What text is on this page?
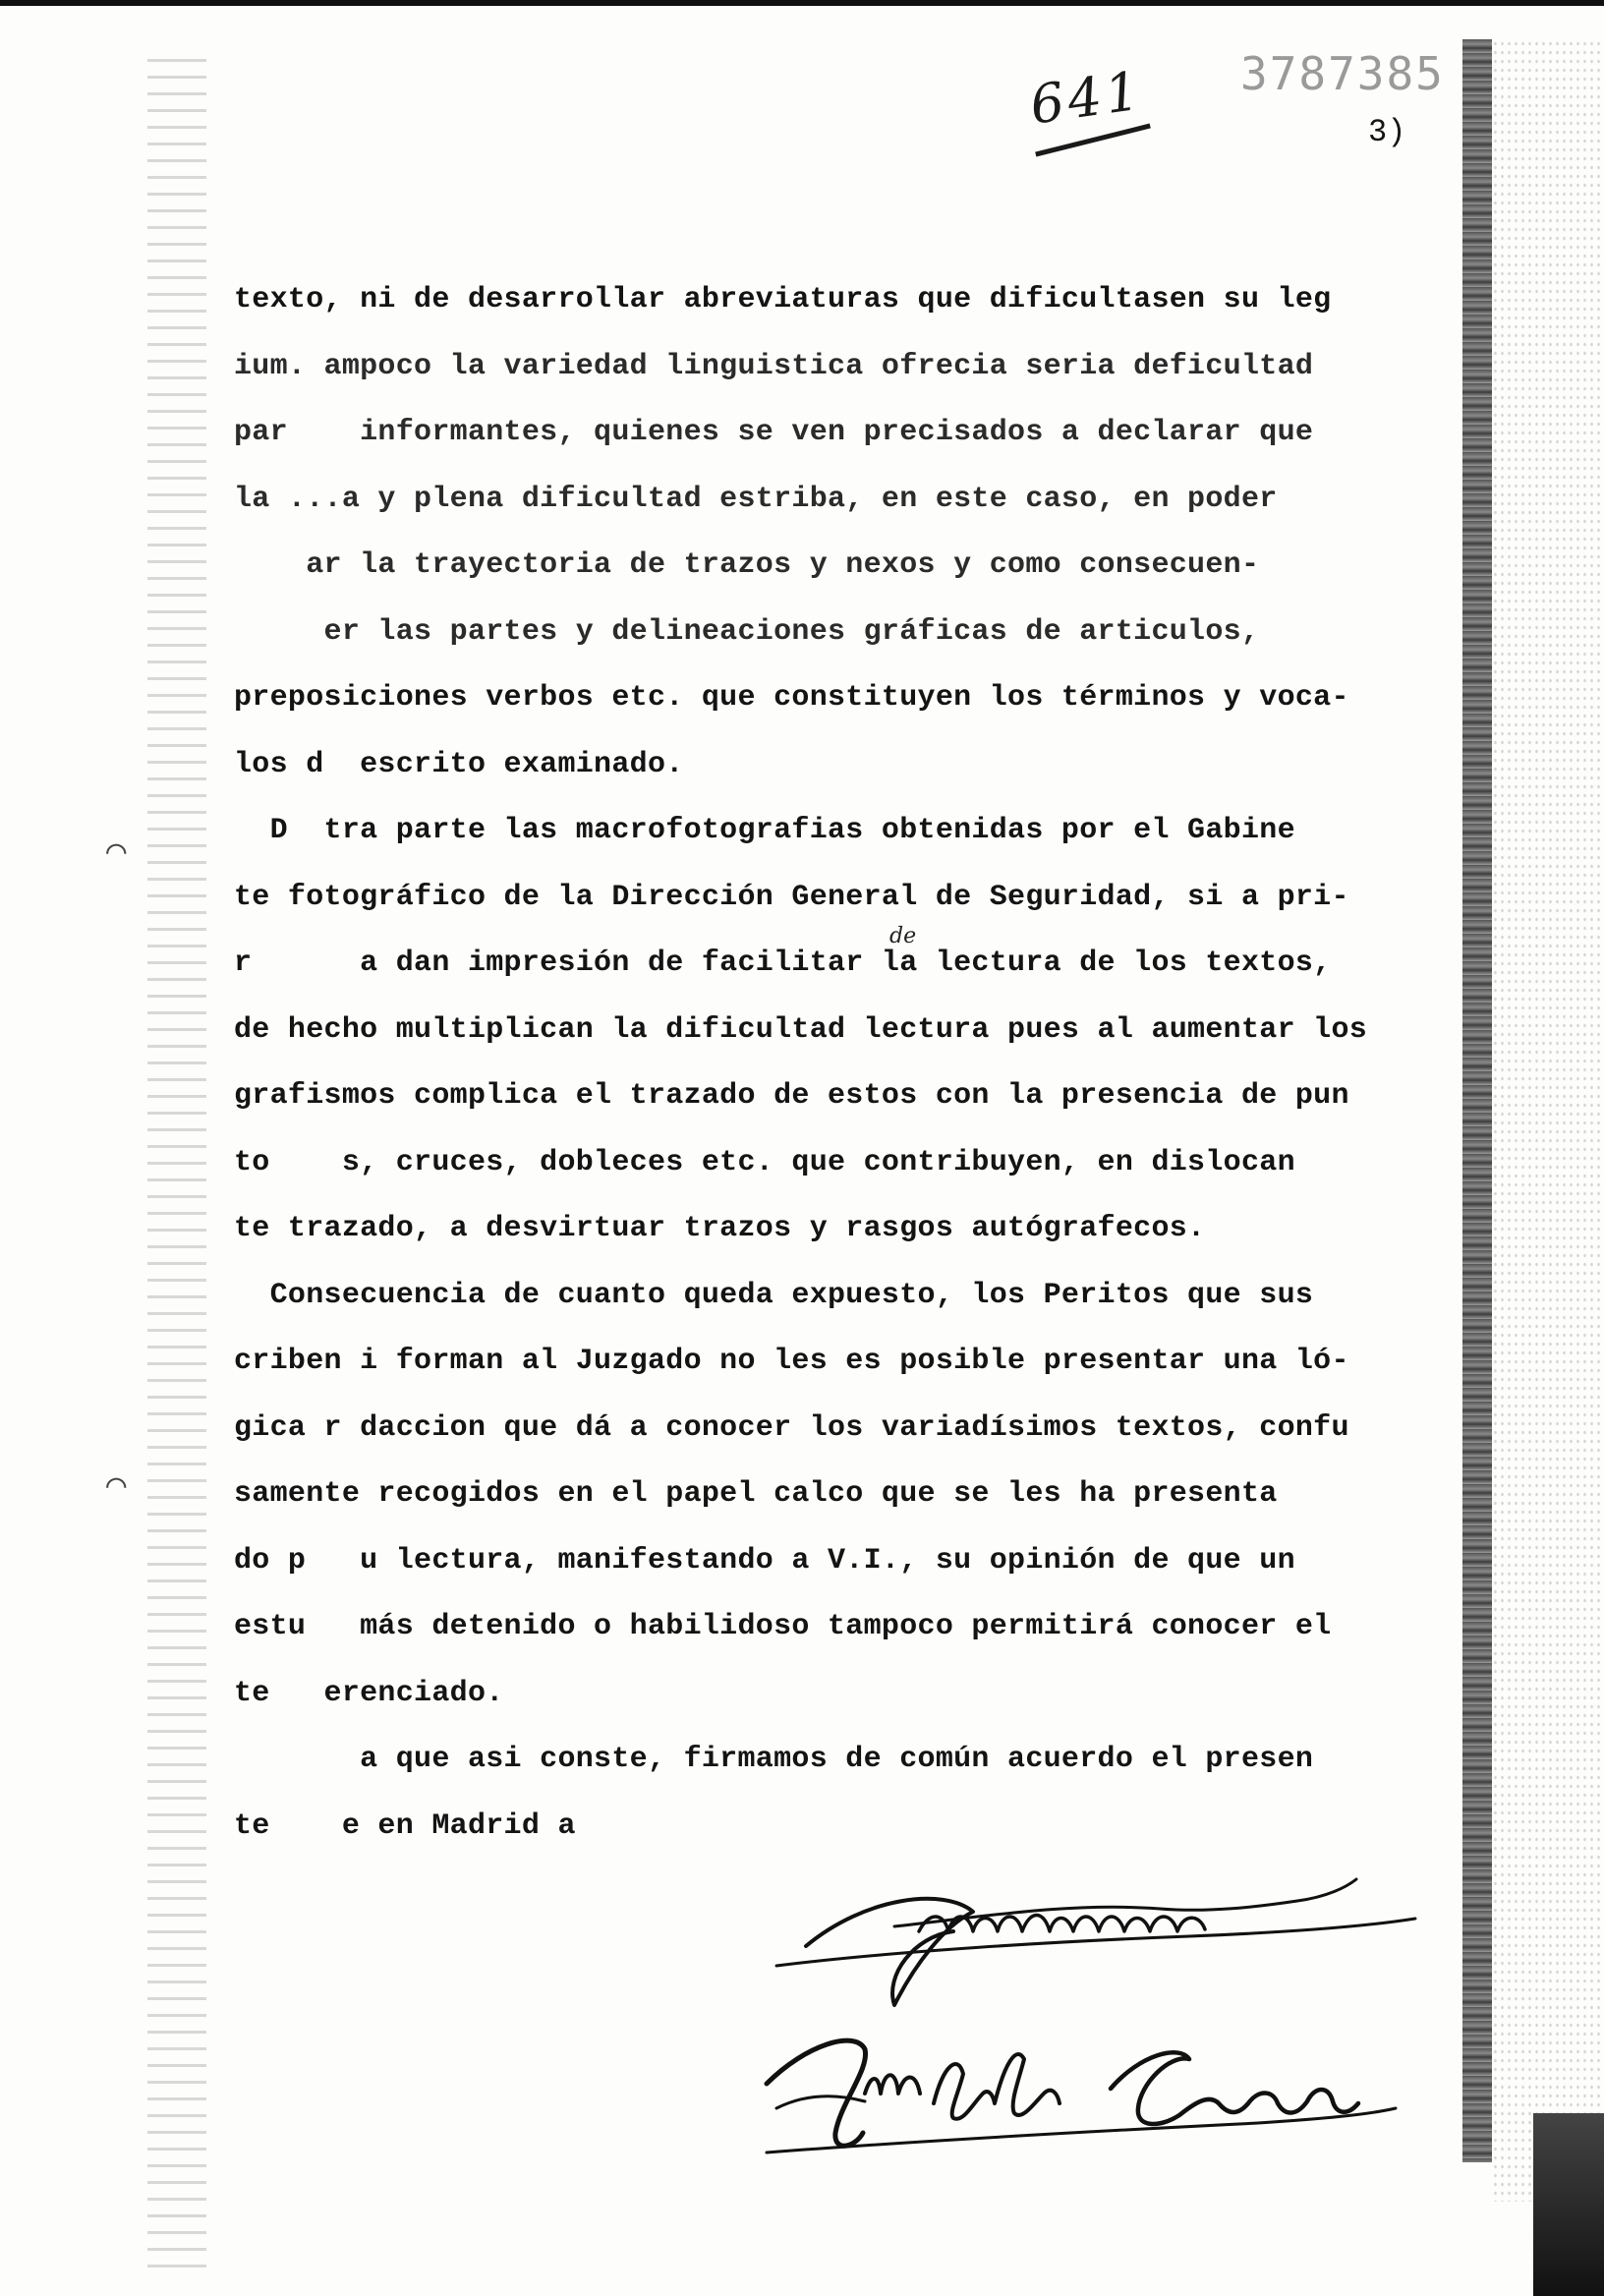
641 3787385
3)
texto, ni de desarrollar abreviaturas que dificultasen su leg
ium. ampoco la variedad linguistica ofrecia seria deficultad
par    informantes, quienes se ven precisados a declarar que
la ...a y plena dificultad estriba, en este caso, en poder
ar la trayectoria de trazos y nexos y como consecuen-
er las partes y delineaciones gráficas de articulos,
preposiciones verbos etc. que constituyen los términos y voca-
los d  escrito examinado.
D  tra parte las macrofotografias obtenidas por el Gabine
te fotográfico de la Dirección General de Seguridad, si a pri-
r      a dan impresión de facilitar la lectura de los textos,
de hecho multiplican la dificultad lectura pues al aumentar los
grafismos complica el trazado de estos con la presencia de pun
to    s, cruces, dobleces etc. que contribuyen, en dislocan
te trazado, a desvirtuar trazos y rasgos autógrafecos.
Consecuencia de cuanto queda expuesto, los Peritos que sus
criben i forman al Juzgado no les es posible presentar una ló-
gica r daccion que dá a conocer los variadísimos textos, confu
samente recogidos en el papel calco que se les ha presenta
do p   u lectura, manifestando a V.I., su opinión de que un
estu   más detenido o habilidoso tampoco permitirá conocer el
te   erenciado.
a que asi conste, firmamos de común acuerdo el presen
te    e en Madrid a
de
⌒
⌒
